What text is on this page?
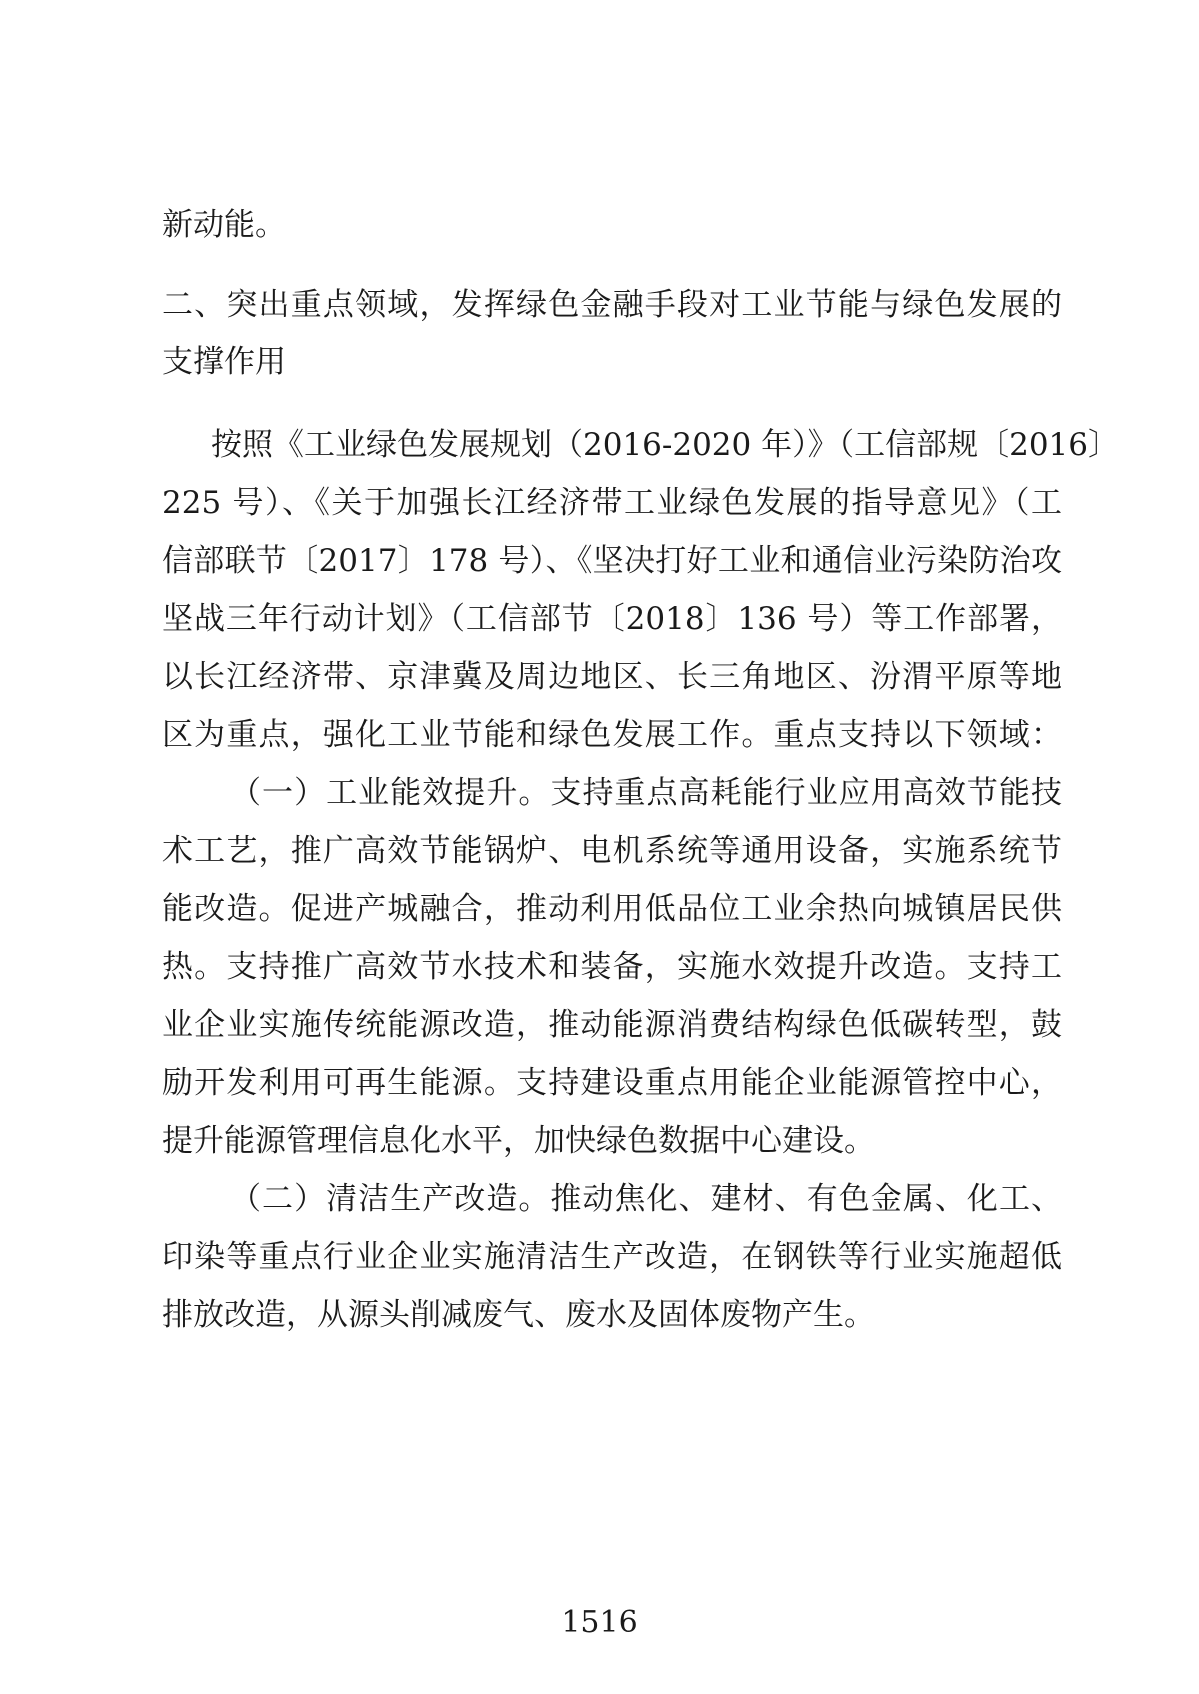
新动能。
二、突出重点领域，发挥绿色金融手段对工业节能与绿色发展的
支撑作用
按照《工业绿色发展规划（2016-2020 年）》（工信部规〔2016〕
225 号）、《关于加强长江经济带工业绿色发展的指导意见》（工
信部联节〔2017〕178 号）、《坚决打好工业和通信业污染防治攻
坚战三年行动计划》（工信部节〔2018〕136 号）等工作部署，
以长江经济带、京津冀及周边地区、长三角地区、汾渭平原等地
区为重点，强化工业节能和绿色发展工作。重点支持以下领域：
（一）工业能效提升。支持重点高耗能行业应用高效节能技
术工艺，推广高效节能锅炉、电机系统等通用设备，实施系统节
能改造。促进产城融合，推动利用低品位工业余热向城镇居民供
热。支持推广高效节水技术和装备，实施水效提升改造。支持工
业企业实施传统能源改造，推动能源消费结构绿色低碳转型，鼓
励开发利用可再生能源。支持建设重点用能企业能源管控中心，
提升能源管理信息化水平，加快绿色数据中心建设。
（二）清洁生产改造。推动焦化、建材、有色金属、化工、
印染等重点行业企业实施清洁生产改造，在钢铁等行业实施超低
排放改造，从源头削减废气、废水及固体废物产生。
1516
